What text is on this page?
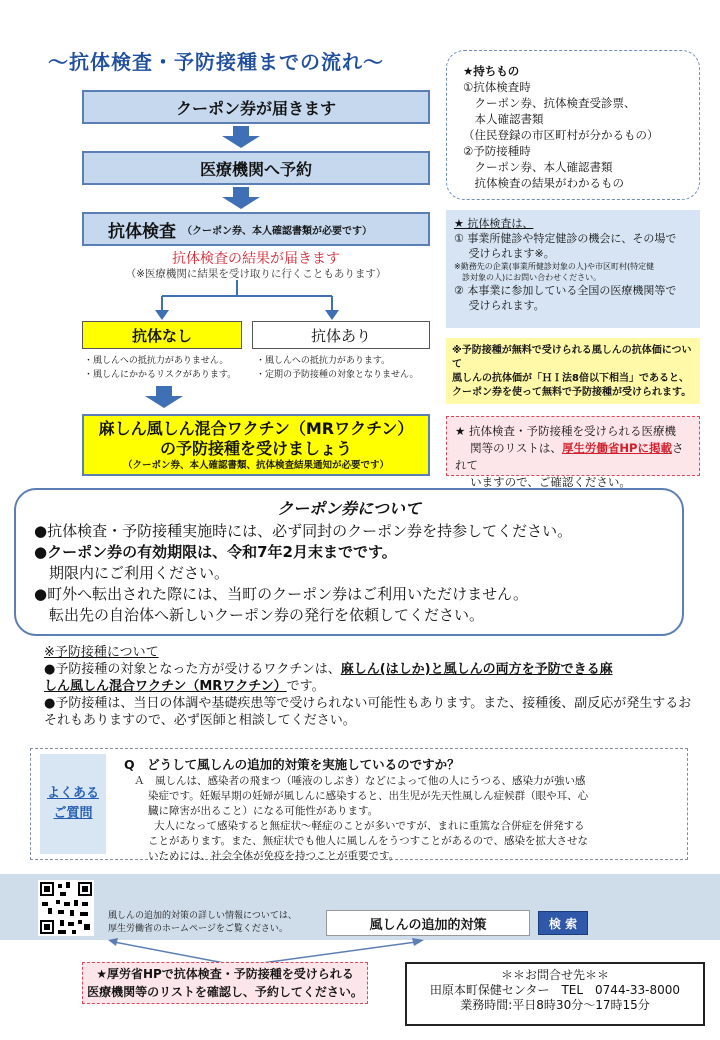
～抗体検査・予防接種までの流れ～
クーポン券が届きます
医療機関へ予約
抗体検査 （クーポン券、本人確認書類が必要です）
抗体検査の結果が届きます
（※医療機関に結果を受け取りに行くこともあります）
抗体なし	抗体あり
・風しんへの抵抗力がありません。
・風しんにかかるリスクがあります。
・風しんへの抵抗力があります。
・定期の予防接種の対象となりません。
麻しん風しん混合ワクチン（MRワクチン）
の予防接種を受けましょう
（クーポン券、本人確認書類、抗体検査結果通知が必要です）
★持ちもの
①抗体検査時
　クーポン券、抗体検査受診票、
　本人確認書類
（住民登録の市区町村が分かるもの）
②予防接種時
　クーポン券、本人確認書類
　抗体検査の結果がわかるもの
★ 抗体検査は、
① 事業所健診や特定健診の機会に、その場で
　 受けられます※。
※勤務先の企業(事業所健診対象の人)や市区町村(特定健
　診対象の人)にお問い合わせください。
② 本事業に参加している全国の医療機関等で
　 受けられます。
※予防接種が無料で受けられる風しんの抗体価につい
て
風しんの抗体価が「ＨＩ法8倍以下相当」であると、
クーポン券を使って無料で予防接種が受けられます。
★ 抗体検査・予防接種を受けられる医療機
　 関等のリストは、厚生労働省HPに掲載されて
　 いますので、ご確認ください。
クーポン券について

●抗体検査・予防接種実施時には、必ず同封のクーポン券を持参してください。

●クーポン券の有効期限は、令和7年2月末までです。

　期限内にご利用ください。

●町外へ転出された際には、当町のクーポン券はご利用いただけません。

　転出先の自治体へ新しいクーポン券の発行を依頼してください。

※予防接種について
●予防接種の対象となった方が受けるワクチンは、麻しん(はしか)と風しんの両方を予防できる麻
しん風しん混合ワクチン（MRワクチン）です。
●予防接種は、当日の体調や基礎疾患等で受けられない可能性もあります。また、接種後、副反応が発生するおそれもありますので、必ず医師と相談してください。
よくある
ご質問
Q　どうして風しんの追加的対策を実施しているのですか？
Ａ　風しんは、感染者の飛まつ（唾液のしぶき）などによって他の人にうつる、感染力が強い感
染症です。妊娠早期の妊婦が風しんに感染すると、出生児が先天性風しん症候群（眼や耳、心
臓に障害が出ること）になる可能性があります。
大人になって感染すると無症状～軽症のことが多いですが、まれに重篤な合併症を併発する
ことがあります。また、無症状でも他人に風しんをうつすことがあるので、感染を拡大させな
いためには、社会全体が免疫を持つことが重要です。
風しんの追加的対策の詳しい情報については、
厚生労働省のホームページをご覧ください。	風しんの追加的対策	検 索
★厚労省HPで抗体検査・予防接種を受けられる
医療機関等のリストを確認し、予約してください。
＊＊お問合せ先＊＊
田原本町保健センター　TEL　0744-33-8000
業務時間:平日8時30分～17時15分
